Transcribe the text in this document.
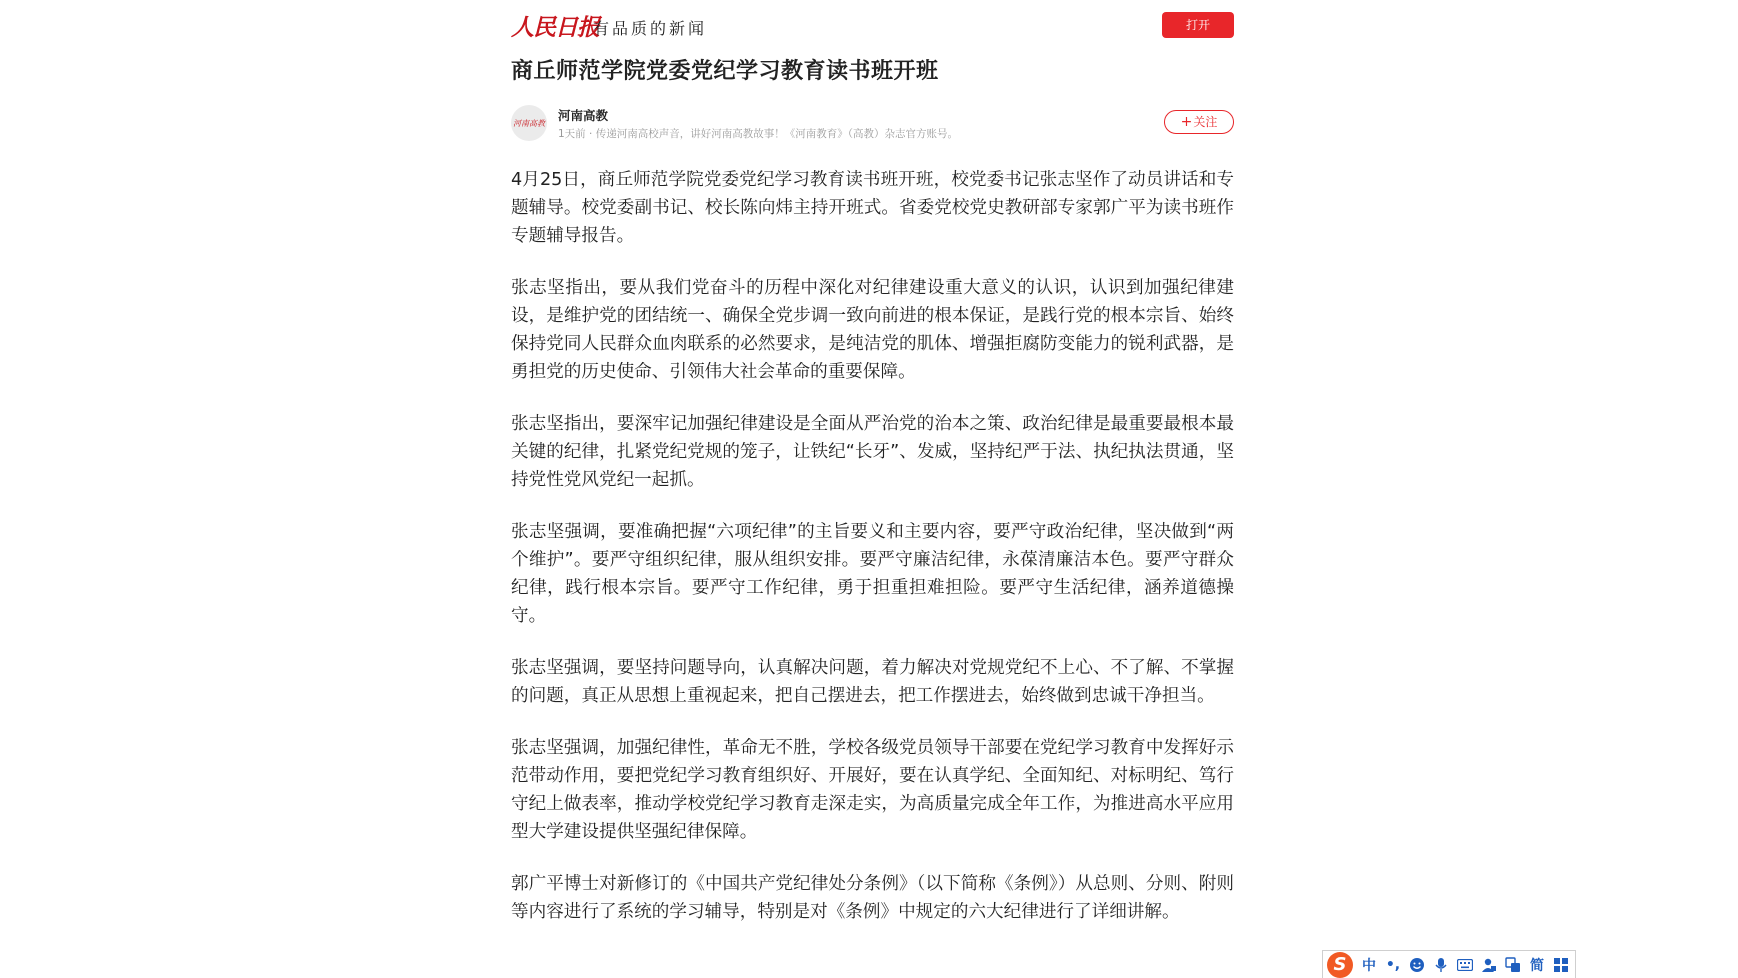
人民日报
有品质的新闻	打开
商丘师范学院党委党纪学习教育读书班开班
河南高教 河南高教
1天前 · 传递河南高校声音，讲好河南高教故事！《河南教育》（高教）杂志官方账号。
+关注

4月25日，商丘师范学院党委党纪学习教育读书班开班，校党委书记张志坚作了动员讲话和专题辅导。校党委副书记、校长陈向炜主持开班式。省委党校党史教研部专家郭广平为读书班作专题辅导报告。

张志坚指出，要从我们党奋斗的历程中深化对纪律建设重大意义的认识，认识到加强纪律建设，是维护党的团结统一、确保全党步调一致向前进的根本保证，是践行党的根本宗旨、始终保持党同人民群众血肉联系的必然要求，是纯洁党的肌体、增强拒腐防变能力的锐利武器，是勇担党的历史使命、引领伟大社会革命的重要保障。

张志坚指出，要深牢记加强纪律建设是全面从严治党的治本之策、政治纪律是最重要最根本最关键的纪律，扎紧党纪党规的笼子，让铁纪“长牙”、发威，坚持纪严于法、执纪执法贯通，坚持党性党风党纪一起抓。

张志坚强调，要准确把握“六项纪律”的主旨要义和主要内容，要严守政治纪律，坚决做到“两个维护”。要严守组织纪律，服从组织安排。要严守廉洁纪律，永葆清廉洁本色。要严守群众纪律，践行根本宗旨。要严守工作纪律，勇于担重担难担险。要严守生活纪律，涵养道德操守。

张志坚强调，要坚持问题导向，认真解决问题，着力解决对党规党纪不上心、不了解、不掌握的问题，真正从思想上重视起来，把自己摆进去，把工作摆进去，始终做到忠诚干净担当。

张志坚强调，加强纪律性，革命无不胜，学校各级党员领导干部要在党纪学习教育中发挥好示范带动作用，要把党纪学习教育组织好、开展好，要在认真学纪、全面知纪、对标明纪、笃行守纪上做表率，推动学校党纪学习教育走深走实，为高质量完成全年工作，为推进高水平应用型大学建设提供坚强纪律保障。

郭广平博士对新修订的《中国共产党纪律处分条例》（以下简称《条例》）从总则、分则、附则等内容进行了系统的学习辅导，特别是对《条例》中规定的六大纪律进行了详细讲解。

S	中 •,	简
